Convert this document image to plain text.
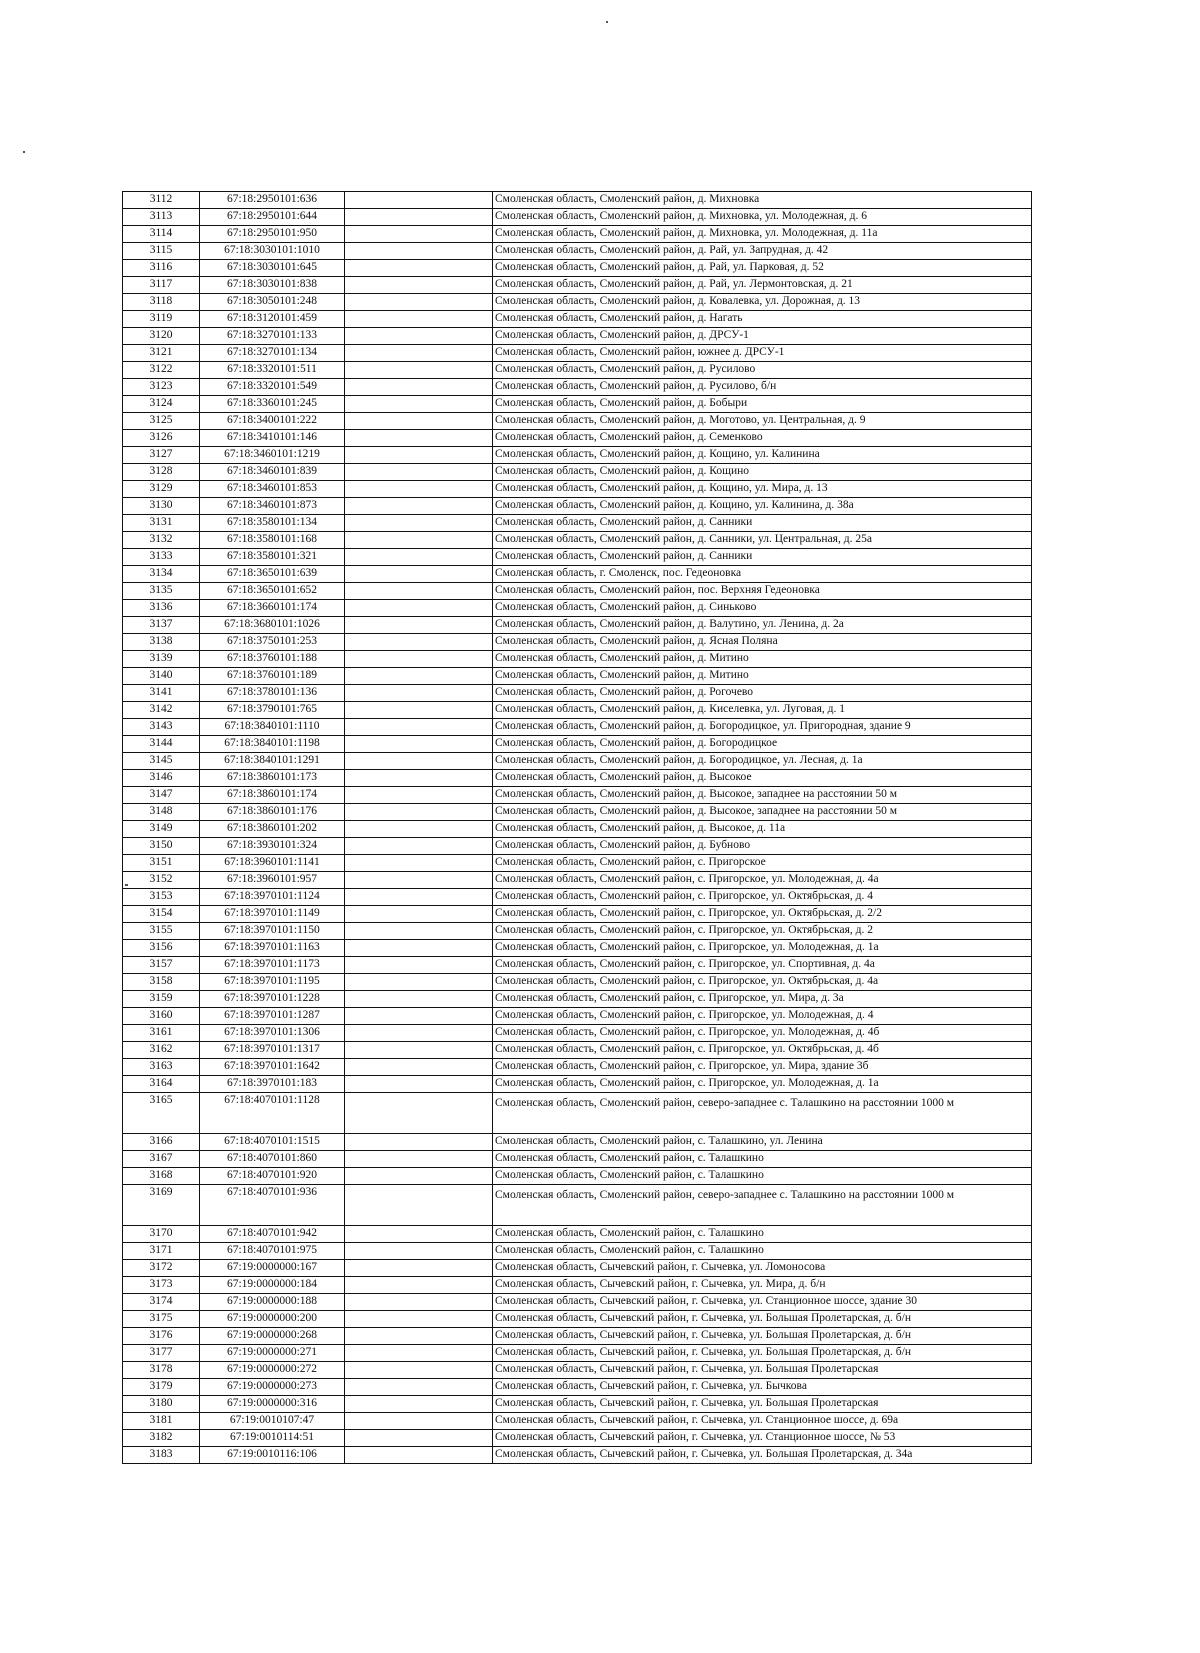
3112	67:18:2950101:636		Смоленская область, Смоленский район, д. Михновка
3113	67:18:2950101:644		Смоленская область, Смоленский район, д. Михновка, ул. Молодежная, д. 6
3114	67:18:2950101:950		Смоленская область, Смоленский район, д. Михновка, ул. Молодежная, д. 11а
3115	67:18:3030101:1010		Смоленская область, Смоленский район, д. Рай, ул. Запрудная, д. 42
3116	67:18:3030101:645		Смоленская область, Смоленский район, д. Рай, ул. Парковая, д. 52
3117	67:18:3030101:838		Смоленская область, Смоленский район, д. Рай, ул. Лермонтовская, д. 21
3118	67:18:3050101:248		Смоленская область, Смоленский район, д. Ковалевка, ул. Дорожная, д. 13
3119	67:18:3120101:459		Смоленская область, Смоленский район, д. Нагать
3120	67:18:3270101:133		Смоленская область, Смоленский район, д. ДРСУ-1
3121	67:18:3270101:134		Смоленская область, Смоленский район, южнее д. ДРСУ-1
3122	67:18:3320101:511		Смоленская область, Смоленский район, д. Русилово
3123	67:18:3320101:549		Смоленская область, Смоленский район, д. Русилово, б/н
3124	67:18:3360101:245		Смоленская область, Смоленский район, д. Бобыри
3125	67:18:3400101:222		Смоленская область, Смоленский район, д. Моготово, ул. Центральная, д. 9
3126	67:18:3410101:146		Смоленская область, Смоленский район, д. Семенково
3127	67:18:3460101:1219		Смоленская область, Смоленский район, д. Кощино, ул. Калинина
3128	67:18:3460101:839		Смоленская область, Смоленский район, д. Кощино
3129	67:18:3460101:853		Смоленская область, Смоленский район, д. Кощино, ул. Мира, д. 13
3130	67:18:3460101:873		Смоленская область, Смоленский район, д. Кощино, ул. Калинина, д. 38а
3131	67:18:3580101:134		Смоленская область, Смоленский район, д. Санники
3132	67:18:3580101:168		Смоленская область, Смоленский район, д. Санники, ул. Центральная, д. 25а
3133	67:18:3580101:321		Смоленская область, Смоленский район, д. Санники
3134	67:18:3650101:639		Смоленская область, г. Смоленск, пос. Гедеоновка
3135	67:18:3650101:652		Смоленская область, Смоленский район, пос. Верхняя Гедеоновка
3136	67:18:3660101:174		Смоленская область, Смоленский район, д. Синьково
3137	67:18:3680101:1026		Смоленская область, Смоленский район, д. Валутино, ул. Ленина, д. 2а
3138	67:18:3750101:253		Смоленская область, Смоленский район, д. Ясная Поляна
3139	67:18:3760101:188		Смоленская область, Смоленский район, д. Митино
3140	67:18:3760101:189		Смоленская область, Смоленский район, д. Митино
3141	67:18:3780101:136		Смоленская область, Смоленский район, д. Рогочево
3142	67:18:3790101:765		Смоленская область, Смоленский район, д. Киселевка, ул. Луговая, д. 1
3143	67:18:3840101:1110		Смоленская область, Смоленский район, д. Богородицкое, ул. Пригородная, здание 9
3144	67:18:3840101:1198		Смоленская область, Смоленский район, д. Богородицкое
3145	67:18:3840101:1291		Смоленская область, Смоленский район, д. Богородицкое, ул. Лесная, д. 1а
3146	67:18:3860101:173		Смоленская область, Смоленский район, д. Высокое
3147	67:18:3860101:174		Смоленская область, Смоленский район, д. Высокое, западнее на расстоянии 50 м
3148	67:18:3860101:176		Смоленская область, Смоленский район, д. Высокое, западнее на расстоянии 50 м
3149	67:18:3860101:202		Смоленская область, Смоленский район, д. Высокое, д. 11а
3150	67:18:3930101:324		Смоленская область, Смоленский район, д. Бубново
3151	67:18:3960101:1141		Смоленская область, Смоленский район, с. Пригорское
3152	67:18:3960101:957		Смоленская область, Смоленский район, с. Пригорское, ул. Молодежная, д. 4а
3153	67:18:3970101:1124		Смоленская область, Смоленский район, с. Пригорское, ул. Октябрьская, д. 4
3154	67:18:3970101:1149		Смоленская область, Смоленский район, с. Пригорское, ул. Октябрьская, д. 2/2
3155	67:18:3970101:1150		Смоленская область, Смоленский район, с. Пригорское, ул. Октябрьская, д. 2
3156	67:18:3970101:1163		Смоленская область, Смоленский район, с. Пригорское, ул. Молодежная, д. 1а
3157	67:18:3970101:1173		Смоленская область, Смоленский район, с. Пригорское, ул. Спортивная, д. 4а
3158	67:18:3970101:1195		Смоленская область, Смоленский район, с. Пригорское, ул. Октябрьская, д. 4а
3159	67:18:3970101:1228		Смоленская область, Смоленский район, с. Пригорское, ул. Мира, д. 3а
3160	67:18:3970101:1287		Смоленская область, Смоленский район, с. Пригорское, ул. Молодежная, д. 4
3161	67:18:3970101:1306		Смоленская область, Смоленский район, с. Пригорское, ул. Молодежная, д. 4б
3162	67:18:3970101:1317		Смоленская область, Смоленский район, с. Пригорское, ул. Октябрьская, д. 4б
3163	67:18:3970101:1642		Смоленская область, Смоленский район, с. Пригорское, ул. Мира, здание 3б
3164	67:18:3970101:183		Смоленская область, Смоленский район, с. Пригорское, ул. Молодежная, д. 1а
3165	67:18:4070101:1128		Смоленская область, Смоленский район, северо-западнее с. Талашкино на расстоянии 1000 м
3166	67:18:4070101:1515		Смоленская область, Смоленский район, с. Талашкино, ул. Ленина
3167	67:18:4070101:860		Смоленская область, Смоленский район, с. Талашкино
3168	67:18:4070101:920		Смоленская область, Смоленский район, с. Талашкино
3169	67:18:4070101:936		Смоленская область, Смоленский район, северо-западнее с. Талашкино на расстоянии 1000 м
3170	67:18:4070101:942		Смоленская область, Смоленский район, с. Талашкино
3171	67:18:4070101:975		Смоленская область, Смоленский район, с. Талашкино
3172	67:19:0000000:167		Смоленская область, Сычевский район, г. Сычевка, ул. Ломоносова
3173	67:19:0000000:184		Смоленская область, Сычевский район, г. Сычевка, ул. Мира, д. б/н
3174	67:19:0000000:188		Смоленская область, Сычевский район, г. Сычевка, ул. Станционное шоссе, здание 30
3175	67:19:0000000:200		Смоленская область, Сычевский район, г. Сычевка, ул. Большая Пролетарская, д. б/н
3176	67:19:0000000:268		Смоленская область, Сычевский район, г. Сычевка, ул. Большая Пролетарская, д. б/н
3177	67:19:0000000:271		Смоленская область, Сычевский район, г. Сычевка, ул. Большая Пролетарская, д. б/н
3178	67:19:0000000:272		Смоленская область, Сычевский район, г. Сычевка, ул. Большая Пролетарская
3179	67:19:0000000:273		Смоленская область, Сычевский район, г. Сычевка, ул. Бычкова
3180	67:19:0000000:316		Смоленская область, Сычевский район, г. Сычевка, ул. Большая Пролетарская
3181	67:19:0010107:47		Смоленская область, Сычевский район, г. Сычевка, ул. Станционное шоссе, д. 69а
3182	67:19:0010114:51		Смоленская область, Сычевский район, г. Сычевка, ул. Станционное шоссе, № 53
3183	67:19:0010116:106		Смоленская область, Сычевский район, г. Сычевка, ул. Большая Пролетарская, д. 34а
